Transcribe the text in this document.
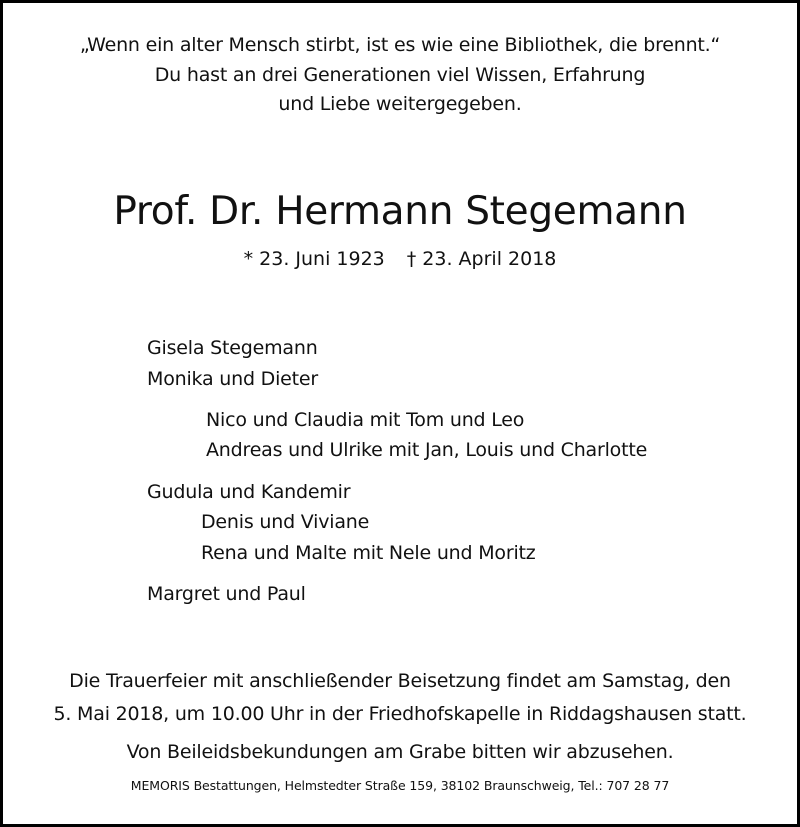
„Wenn ein alter Mensch stirbt, ist es wie eine Bibliothek, die brennt.“
Du hast an drei Generationen viel Wissen, Erfahrung
und Liebe weitergegeben.
Prof. Dr. Hermann Stegemann
* 23. Juni 1923 † 23. April 2018
Gisela Stegemann
Monika und Dieter
Nico und Claudia mit Tom und Leo
Andreas und Ulrike mit Jan, Louis und Charlotte
Gudula und Kandemir
Denis und Viviane
Rena und Malte mit Nele und Moritz
Margret und Paul
Die Trauerfeier mit anschließender Beisetzung findet am Samstag, den
5. Mai 2018, um 10.00 Uhr in der Friedhofskapelle in Riddagshausen statt.
Von Beileidsbekundungen am Grabe bitten wir abzusehen.
MEMORIS Bestattungen, Helmstedter Straße 159, 38102 Braunschweig, Tel.: 707 28 77
